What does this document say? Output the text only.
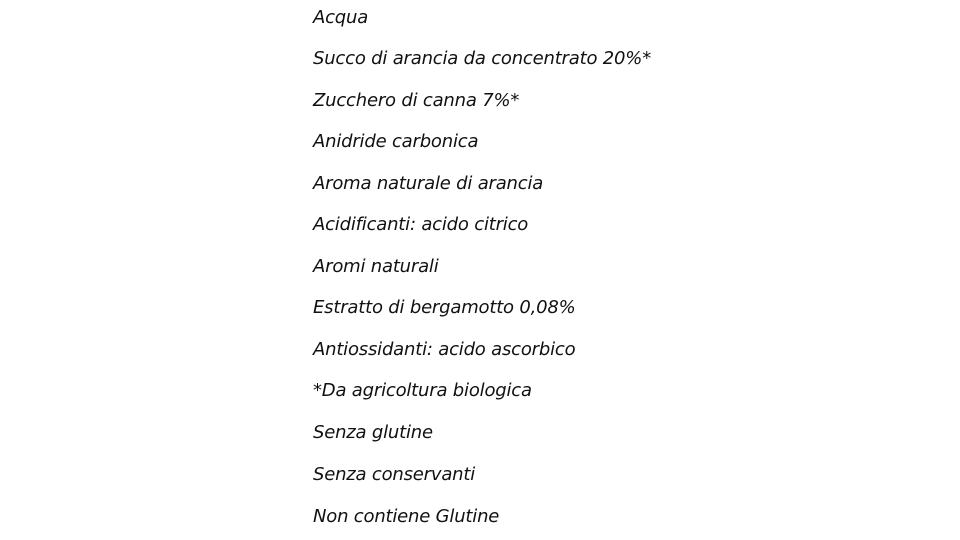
Acqua
Succo di arancia da concentrato 20%*
Zucchero di canna 7%*
Anidride carbonica
Aroma naturale di arancia
Acidificanti: acido citrico
Aromi naturali
Estratto di bergamotto 0,08%
Antiossidanti: acido ascorbico
*Da agricoltura biologica
Senza glutine
Senza conservanti
Non contiene Glutine
